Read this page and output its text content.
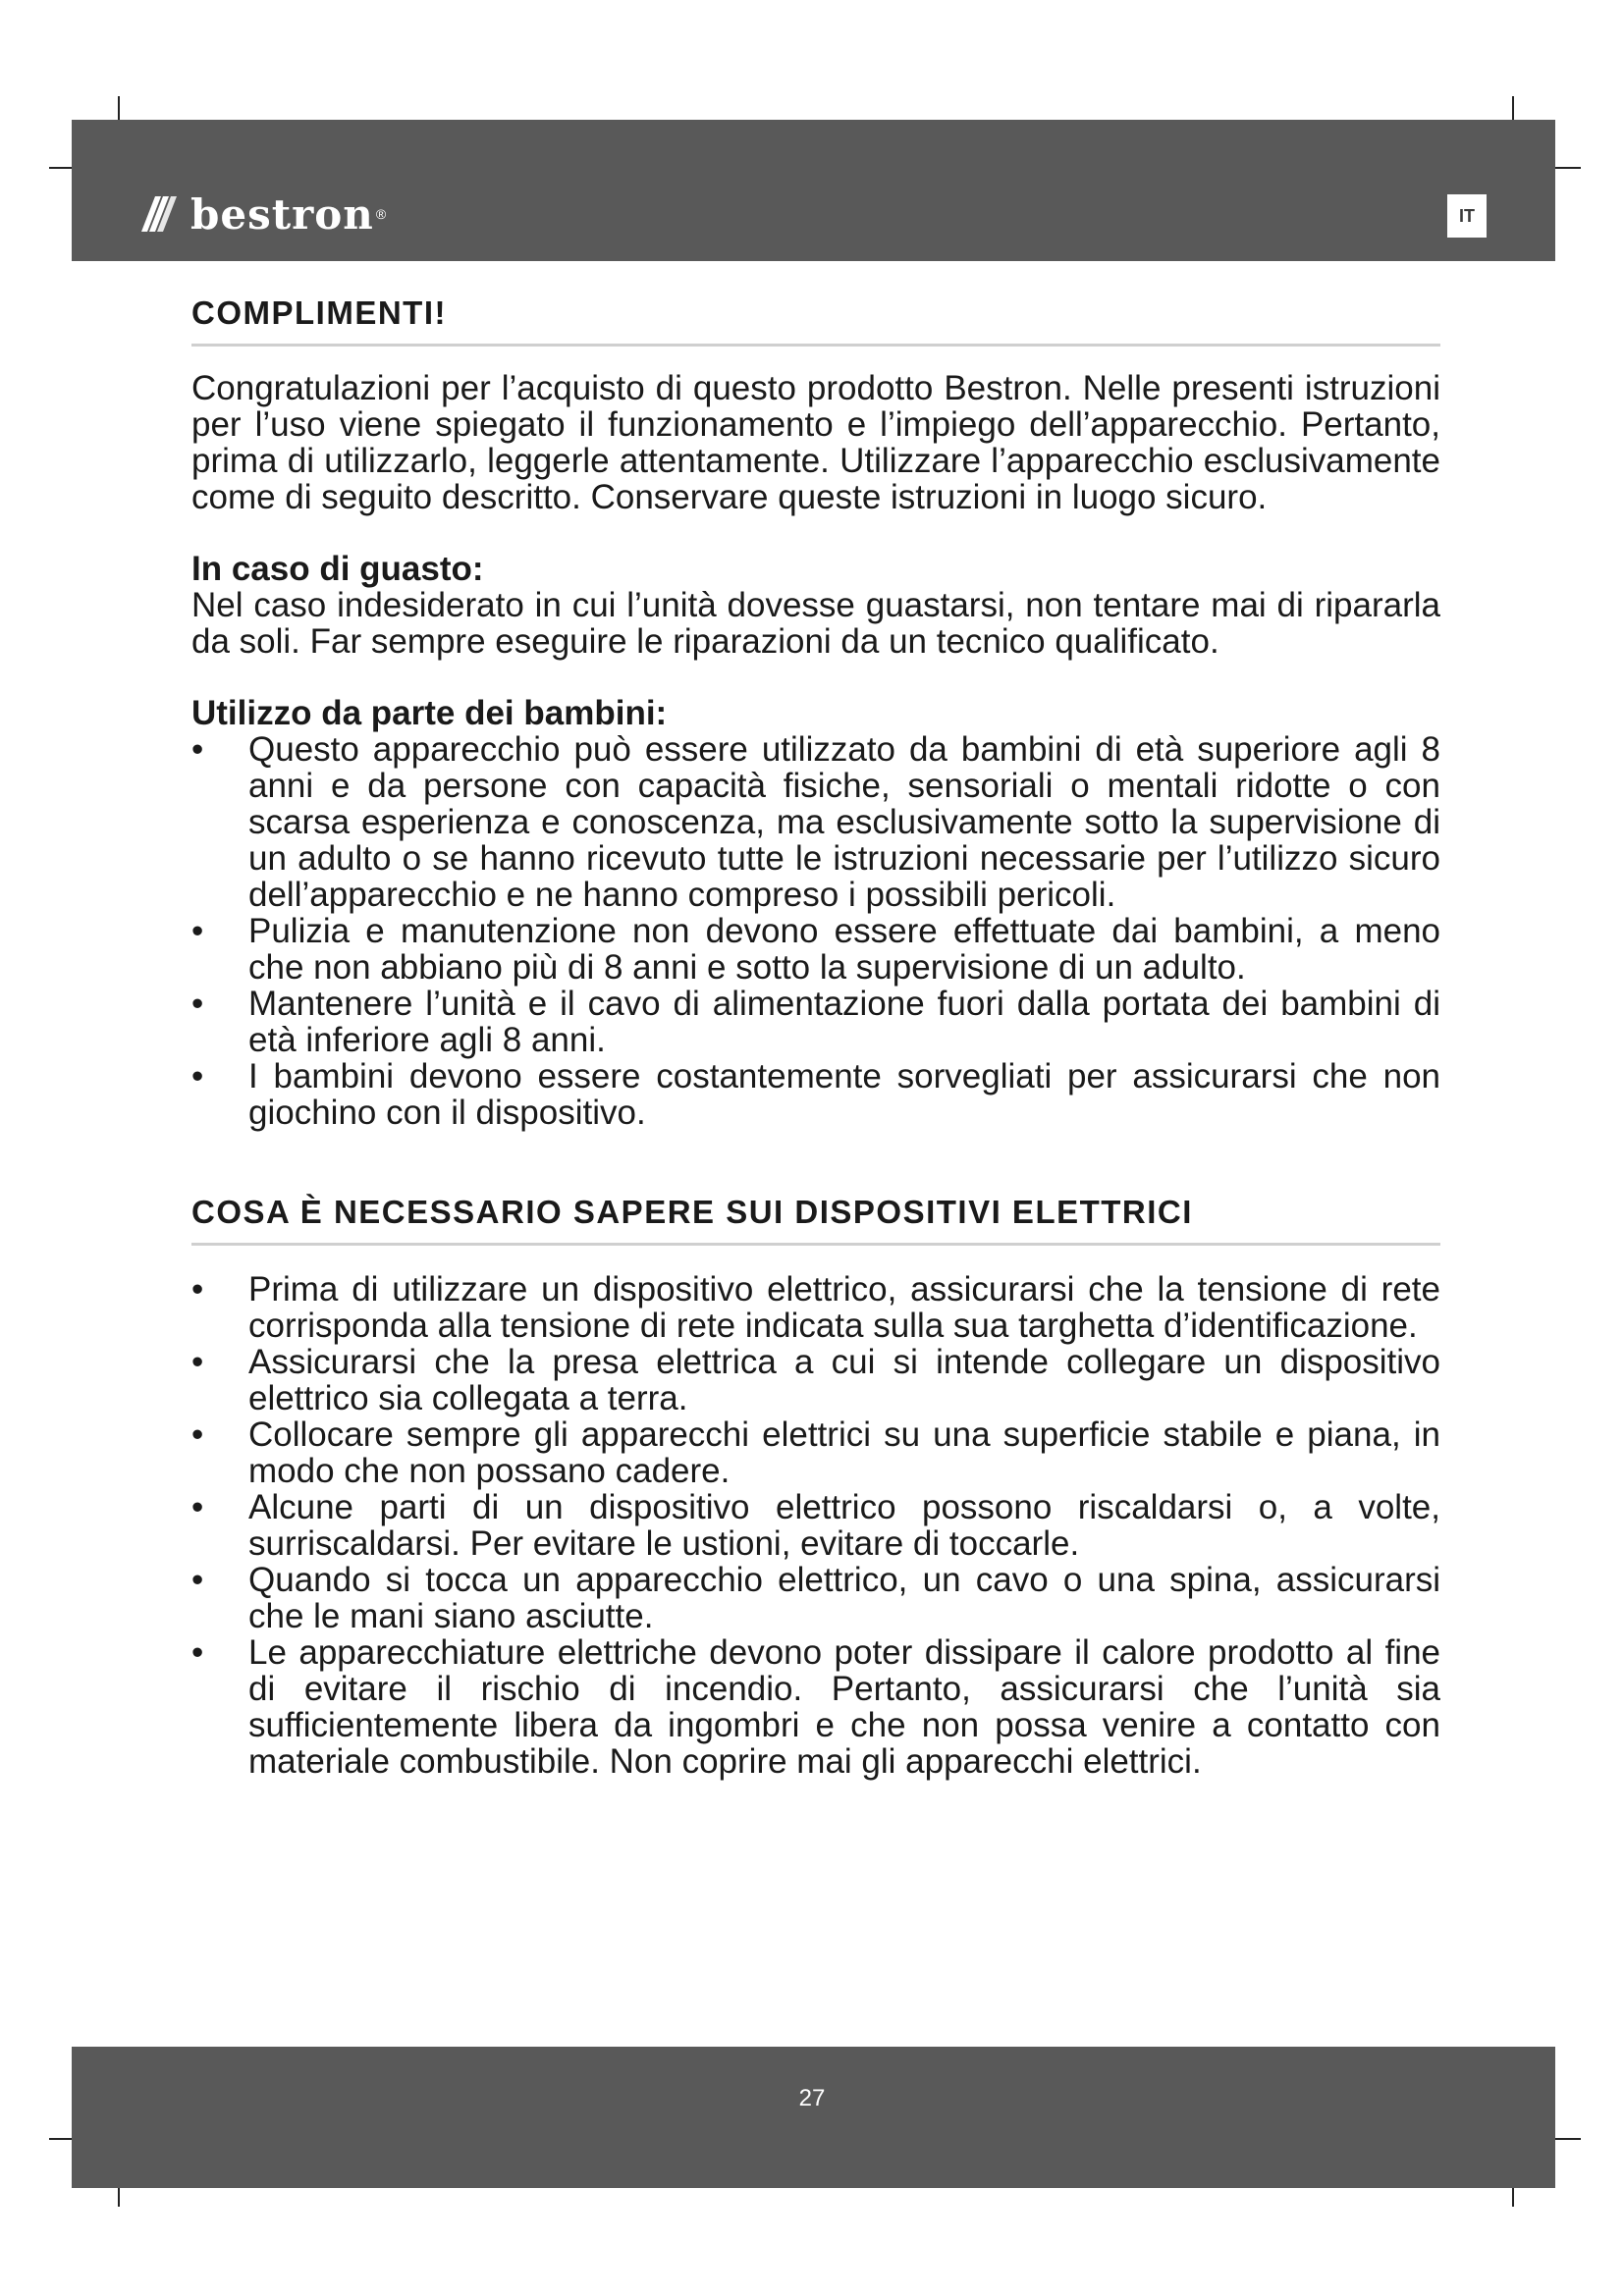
bestron ®	IT
COMPLIMENTI!

Congratulazioni per l’acquisto di questo prodotto Bestron. Nelle presenti istruzioni per l’uso viene spiegato il funzionamento e l’impiego dell’apparecchio. Pertanto, prima di utilizzarlo, leggerle attentamente. Utilizzare l’apparecchio esclusivamente come di seguito descritto. Conservare queste istruzioni in luogo sicuro.

In caso di guasto:

Nel caso indesiderato in cui l’unità dovesse guastarsi, non tentare mai di ripararla da soli. Far sempre eseguire le riparazioni da un tecnico qualificato.

Utilizzo da parte dei bambini:
• Questo apparecchio può essere utilizzato da bambini di età superiore agli 8 anni e da persone con capacità fisiche, sensoriali o mentali ridotte o con scarsa esperienza e conoscenza, ma esclusivamente sotto la supervisione di un adulto o se hanno ricevuto tutte le istruzioni necessarie per l’utilizzo sicuro dell’apparecchio e ne hanno compreso i possibili pericoli.
• Pulizia e manutenzione non devono essere effettuate dai bambini, a meno che non abbiano più di 8 anni e sotto la supervisione di un adulto.
• Mantenere l’unità e il cavo di alimentazione fuori dalla portata dei bambini di età inferiore agli 8 anni.
• I bambini devono essere costantemente sorvegliati per assicurarsi che non giochino con il dispositivo.
COSA È NECESSARIO SAPERE SUI DISPOSITIVI ELETTRICI
• Prima di utilizzare un dispositivo elettrico, assicurarsi che la tensione di rete corrisponda alla tensione di rete indicata sulla sua targhetta d’identificazione.
• Assicurarsi che la presa elettrica a cui si intende collegare un dispositivo elettrico sia collegata a terra.
• Collocare sempre gli apparecchi elettrici su una superficie stabile e piana, in modo che non possano cadere.
• Alcune parti di un dispositivo elettrico possono riscaldarsi o, a volte, surriscaldarsi. Per evitare le ustioni, evitare di toccarle.
• Quando si tocca un apparecchio elettrico, un cavo o una spina, assicurarsi che le mani siano asciutte.
• Le apparecchiature elettriche devono poter dissipare il calore prodotto al fine di evitare il rischio di incendio. Pertanto, assicurarsi che l’unità sia sufficientemente libera da ingombri e che non possa venire a contatto con materiale combustibile. Non coprire mai gli apparecchi elettrici.
27
